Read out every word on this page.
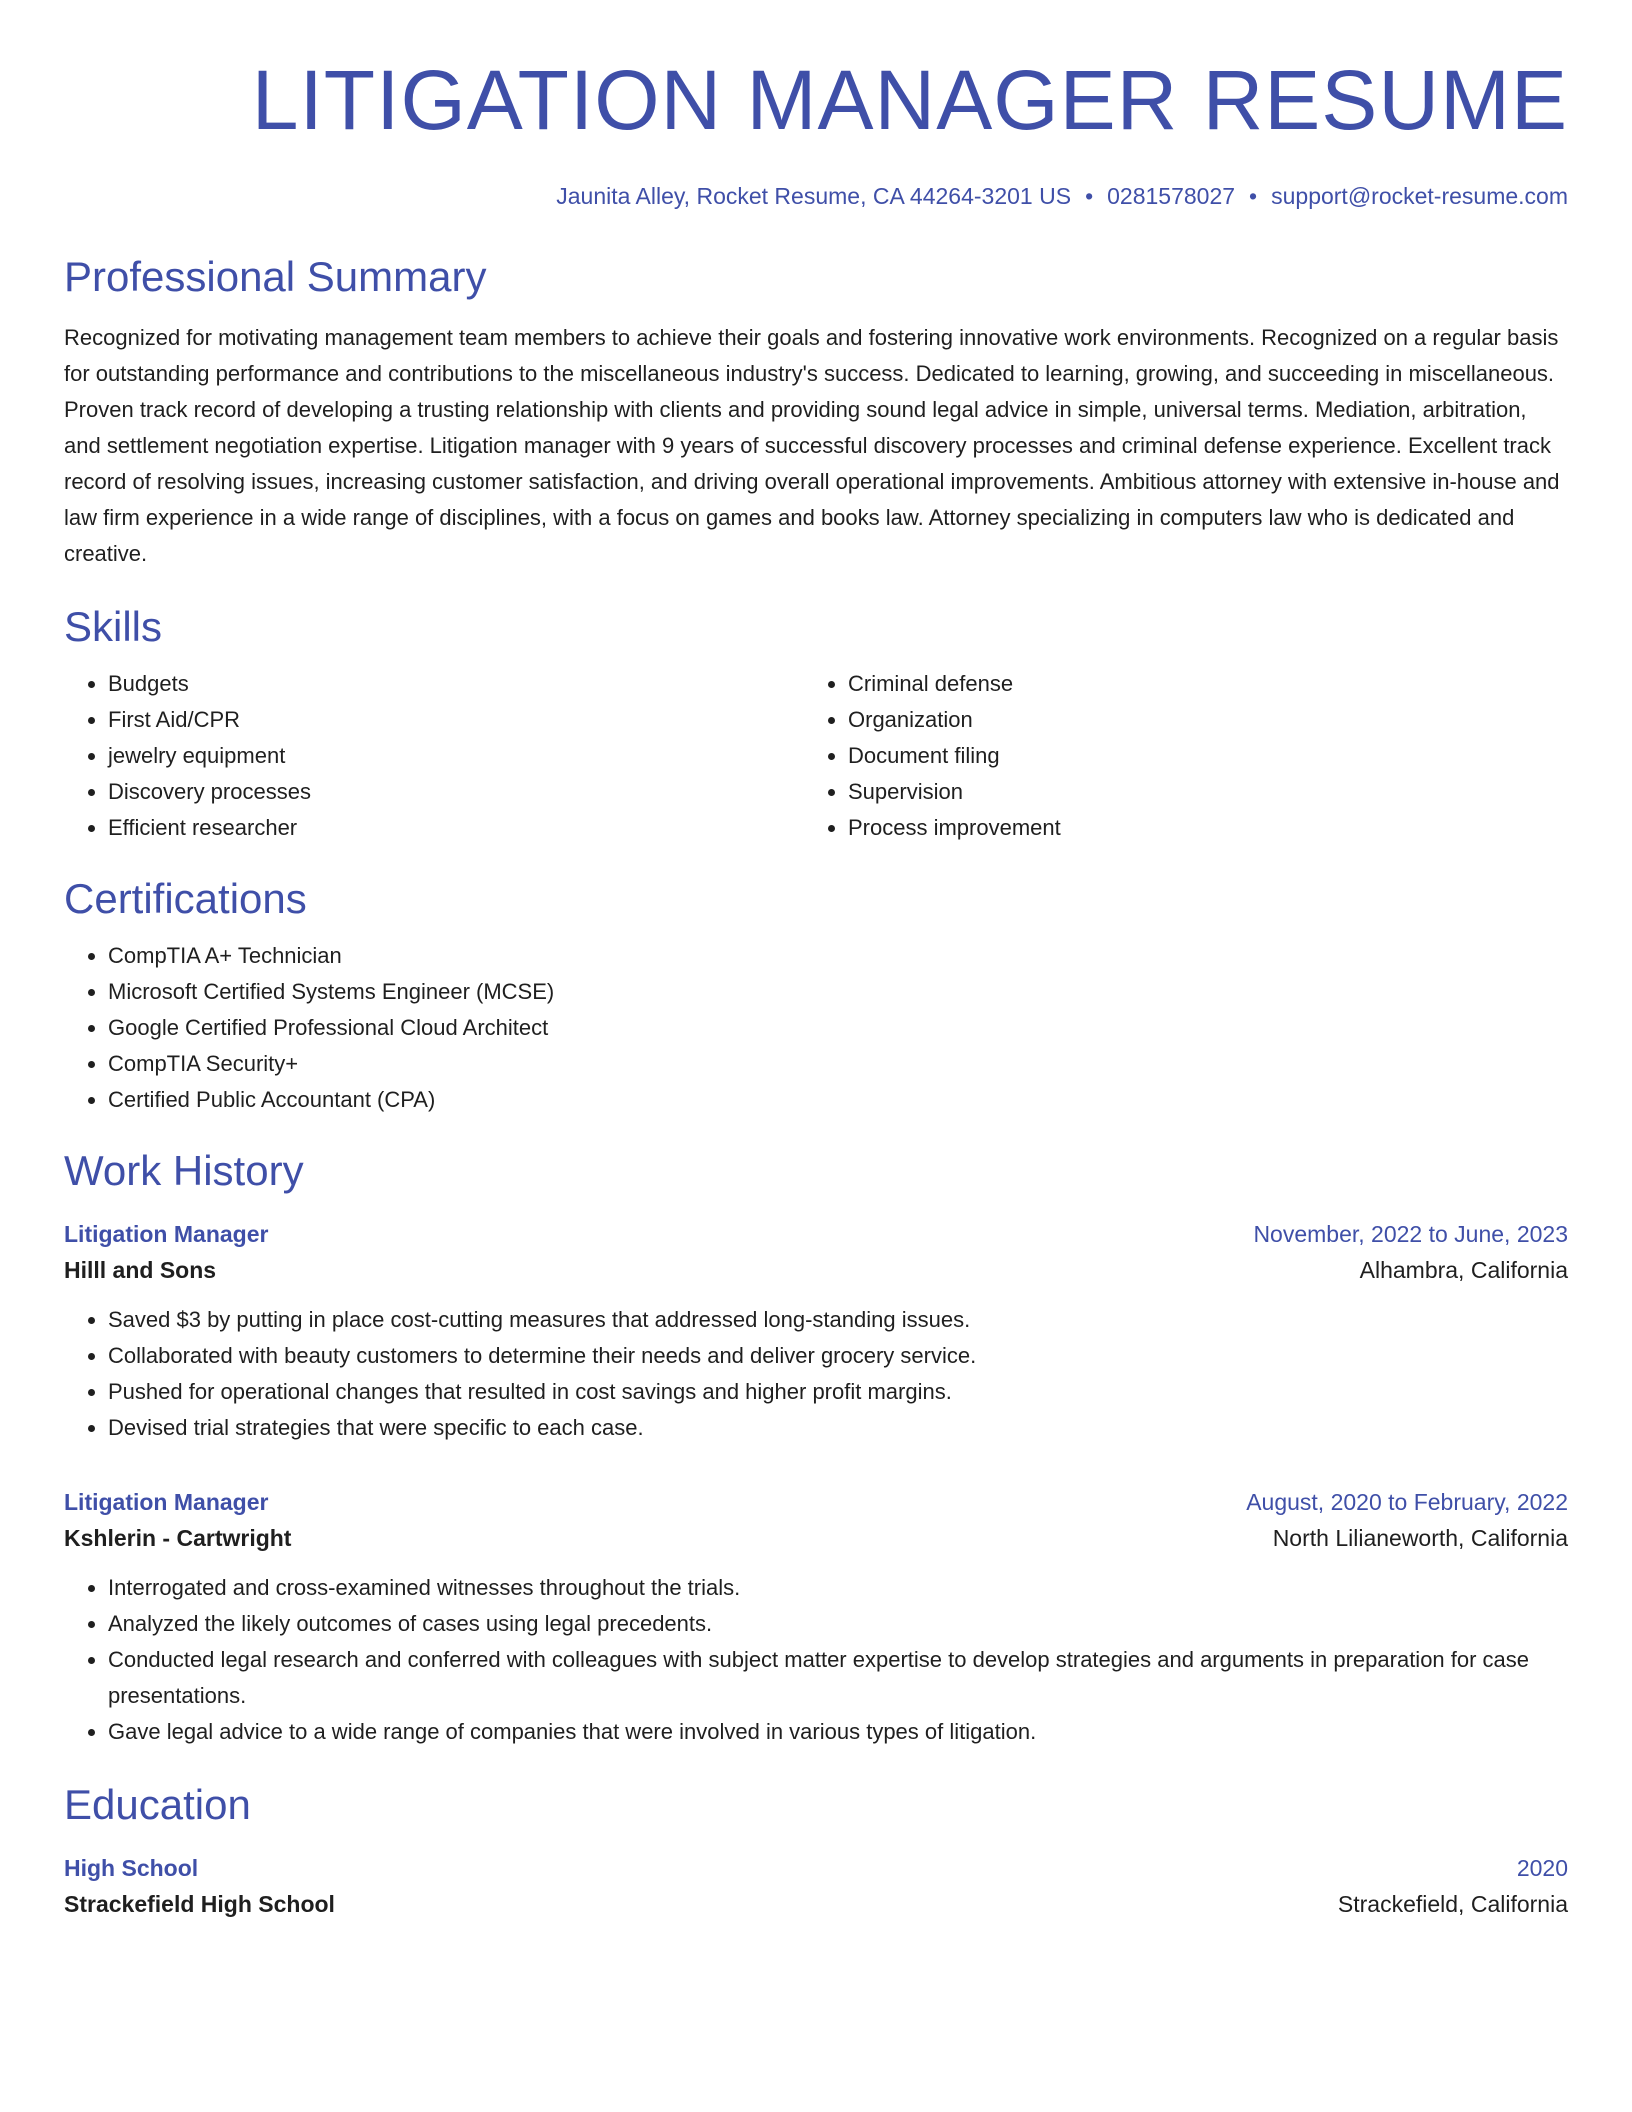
LITIGATION MANAGER RESUME
Jaunita Alley, Rocket Resume, CA 44264-3201 US • 0281578027 • support@rocket-resume.com
Professional Summary

Recognized for motivating management team members to achieve their goals and fostering innovative work environments. Recognized on a regular basis for outstanding performance and contributions to the miscellaneous industry's success. Dedicated to learning, growing, and succeeding in miscellaneous. Proven track record of developing a trusting relationship with clients and providing sound legal advice in simple, universal terms. Mediation, arbitration, and settlement negotiation expertise. Litigation manager with 9 years of successful discovery processes and criminal defense experience. Excellent track record of resolving issues, increasing customer satisfaction, and driving overall operational improvements. Ambitious attorney with extensive in-house and law firm experience in a wide range of disciplines, with a focus on games and books law. Attorney specializing in computers law who is dedicated and creative.

Skills
• Budgets
• First Aid/CPR
• jewelry equipment
• Discovery processes
• Efficient researcher
• Criminal defense
• Organization
• Document filing
• Supervision
• Process improvement
Certifications
• CompTIA A+ Technician
• Microsoft Certified Systems Engineer (MCSE)
• Google Certified Professional Cloud Architect
• CompTIA Security+
• Certified Public Accountant (CPA)
Work History
Litigation Manager	November, 2022 to June, 2023
Hilll and Sons	Alhambra, California
• Saved $3 by putting in place cost-cutting measures that addressed long-standing issues.
• Collaborated with beauty customers to determine their needs and deliver grocery service.
• Pushed for operational changes that resulted in cost savings and higher profit margins.
• Devised trial strategies that were specific to each case.
Litigation Manager	August, 2020 to February, 2022
Kshlerin - Cartwright	North Lilianeworth, California
• Interrogated and cross-examined witnesses throughout the trials.
• Analyzed the likely outcomes of cases using legal precedents.
• Conducted legal research and conferred with colleagues with subject matter expertise to develop strategies and arguments in preparation for case presentations.
• Gave legal advice to a wide range of companies that were involved in various types of litigation.
Education
High School	2020
Strackefield High School	Strackefield, California
